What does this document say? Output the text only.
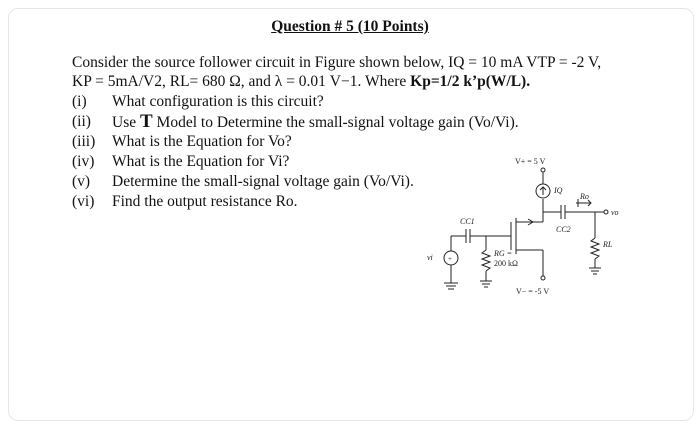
Question # 5 (10 Points)
Consider the source follower circuit in Figure shown below, IQ = 10 mA VTP = -2 V,
KP = 5mA/V2, RL= 680 Ω, and λ = 0.01 V−1. Where Kp=1/2 k’p(W/L).
(i)	What configuration is this circuit?
(ii)	Use T Model to Determine the small-signal voltage gain (Vo/Vi).
(iii)	What is the Equation for Vo?
(iv)	What is the Equation for Vi?
(v)	Determine the small-signal voltage gain (Vo/Vi).
(vi)	Find the output resistance Ro.
+
vi
CC1
RG =
200 kΩ
V+ = 5 V
IQ
Ro
vo
CC2
RL
V− = -5 V
